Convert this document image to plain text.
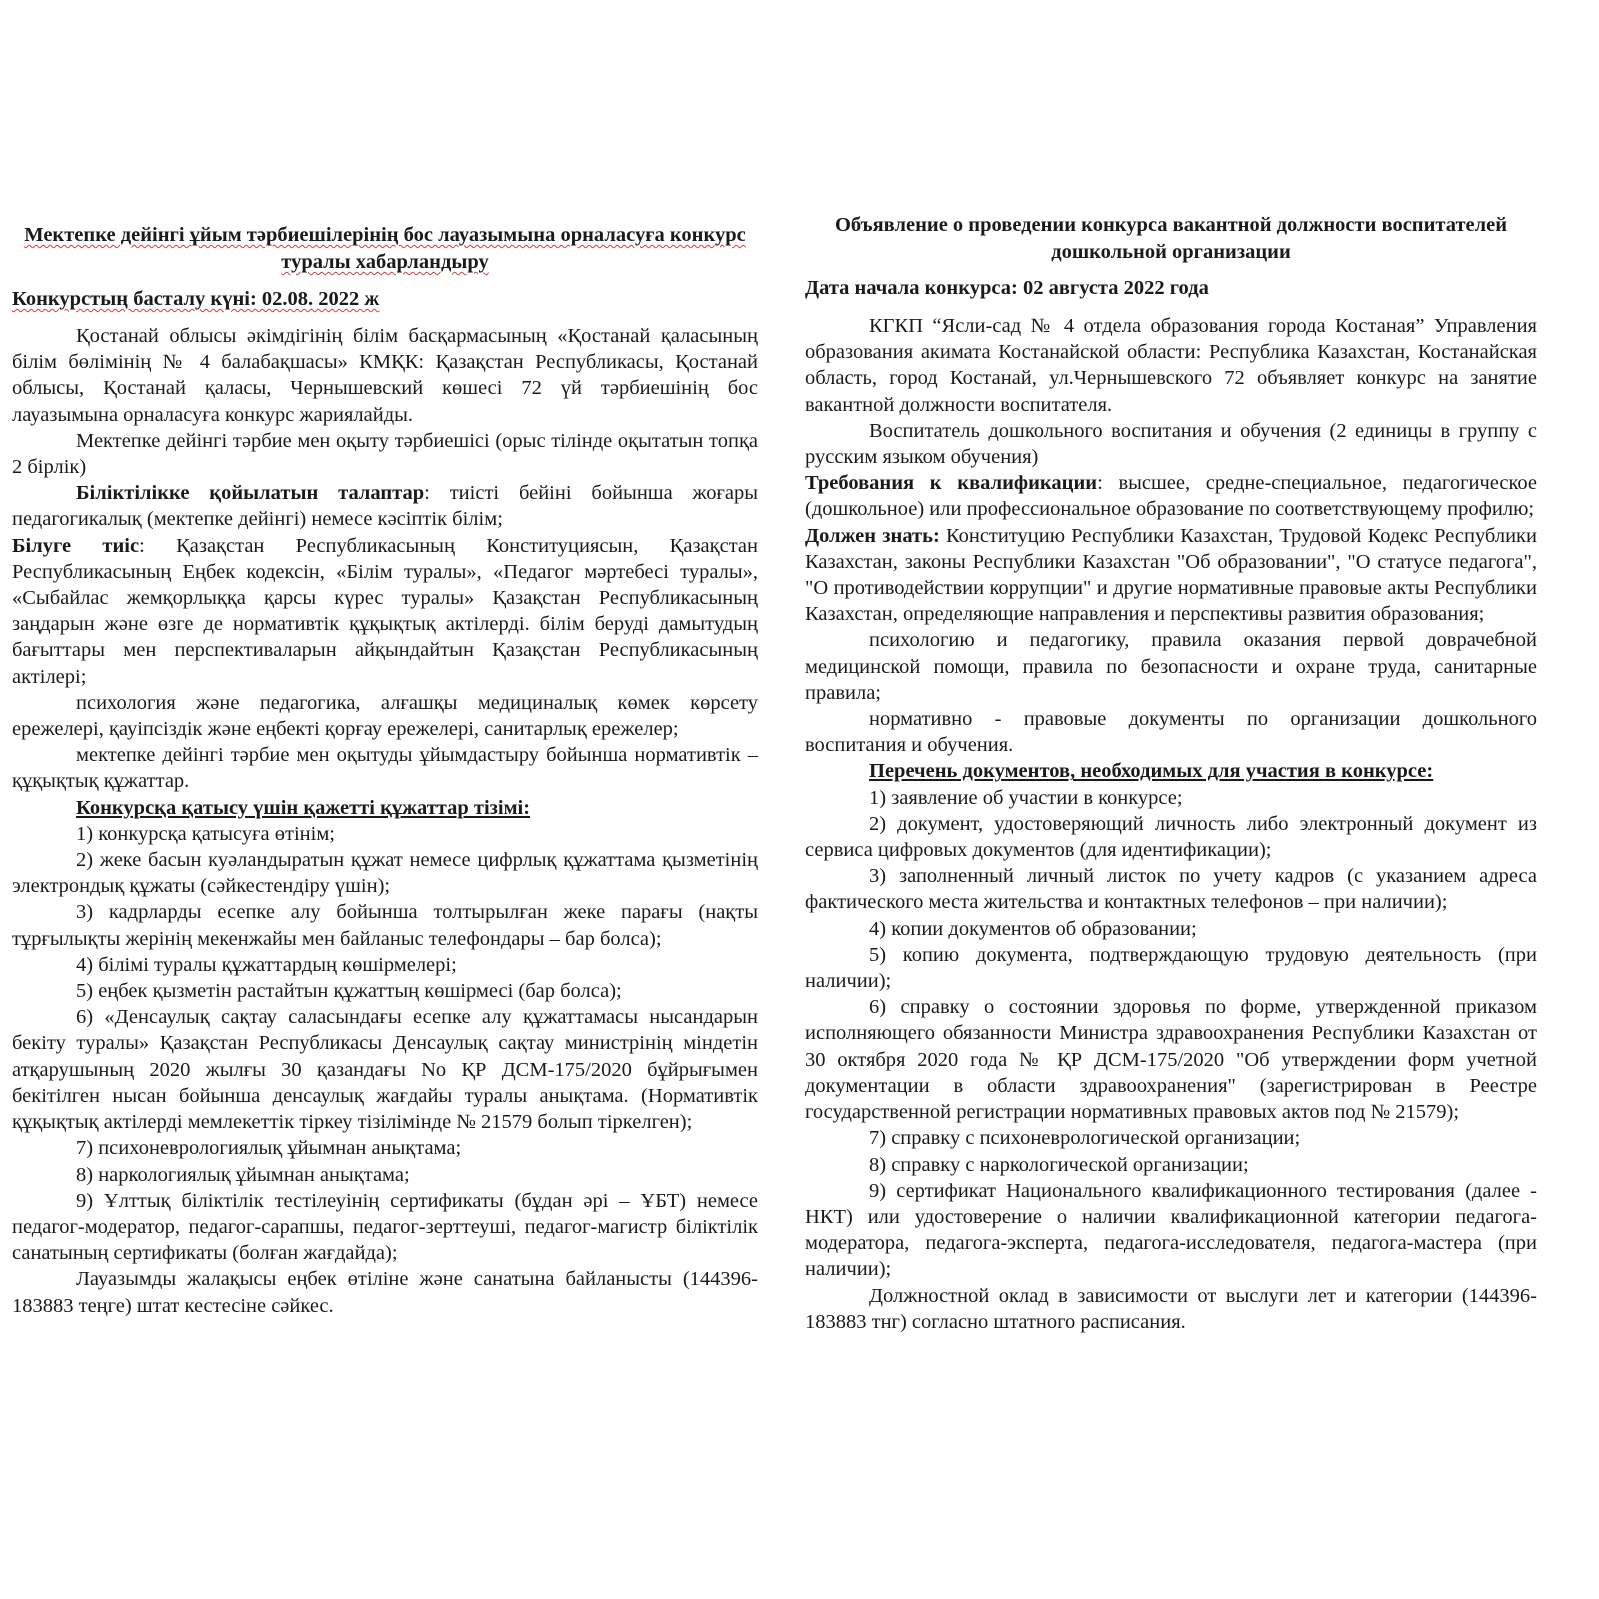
Мектепке дейінгі ұйым тәрбиешілерінің бос лауазымына орналасуға конкурс туралы хабарландыру

Конкурстың басталу күні: 02.08. 2022 ж

Қостанай облысы әкімдігінің білім басқармасының «Қостанай қаласының білім бөлімінің № 4 балабақшасы» КМҚК: Қазақстан Республикасы, Қостанай облысы, Қостанай қаласы, Чернышевский көшесі 72 үй тәрбиешінің бос лауазымына орналасуға конкурс жариялайды.

Мектепке дейінгі тәрбие мен оқыту тәрбиешісі (орыс тілінде оқытатын топқа 2 бірлік)

Біліктілікке қойылатын талаптар: тиісті бейіні бойынша жоғары педагогикалық (мектепке дейінгі) немесе кәсіптік білім;

Білуге тиіс: Қазақстан Республикасының Конституциясын, Қазақстан Республикасының Еңбек кодексін, «Білім туралы», «Педагог мәртебесі туралы», «Сыбайлас жемқорлыққа қарсы күрес туралы» Қазақстан Республикасының заңдарын және өзге де нормативтік құқықтық актілерді. білім беруді дамытудың бағыттары мен перспективаларын айқындайтын Қазақстан Республикасының актілері;

психология және педагогика, алғашқы медициналық көмек көрсету ережелері, қауіпсіздік және еңбекті қорғау ережелері, санитарлық ережелер;

мектепке дейінгі тәрбие мен оқытуды ұйымдастыру бойынша нормативтік – құқықтық құжаттар.

Конкурсқа қатысу үшін қажетті құжаттар тізімі:

1) конкурсқа қатысуға өтінім;

2) жеке басын куәландыратын құжат немесе цифрлық құжаттама қызметінің электрондық құжаты (сәйкестендіру үшін);

3) кадрларды есепке алу бойынша толтырылған жеке парағы (нақты тұрғылықты жерінің мекенжайы мен байланыс телефондары – бар болса);

4) білімі туралы құжаттардың көшірмелері;

5) еңбек қызметін растайтын құжаттың көшірмесі (бар болса);

6) «Денсаулық сақтау саласындағы есепке алу құжаттамасы нысандарын бекіту туралы» Қазақстан Республикасы Денсаулық сақтау министрінің міндетін атқарушының 2020 жылғы 30 қазандағы No ҚР ДСМ-175/2020 бұйрығымен бекітілген нысан бойынша денсаулық жағдайы туралы анықтама. (Нормативтік құқықтық актілерді мемлекеттік тіркеу тізілімінде № 21579 болып тіркелген);

7) психоневрологиялық ұйымнан анықтама;

8) наркологиялық ұйымнан анықтама;

9) Ұлттық біліктілік тестілеуінің сертификаты (бұдан әрі – ҰБТ) немесе педагог-модератор, педагог-сарапшы, педагог-зерттеуші, педагог-магистр біліктілік санатының сертификаты (болған жағдайда);

Лауазымды жалақысы еңбек өтіліне және санатына байланысты (144396-183883 теңге) штат кестесіне сәйкес.

Объявление о проведении конкурса вакантной должности воспитателей дошкольной организации

Дата начала конкурса: 02 августа 2022 года

КГКП “Ясли-сад № 4 отдела образования города Костаная” Управления образования акимата Костанайской области: Республика Казахстан, Костанайская область, город Костанай, ул.Чернышевского 72 объявляет конкурс на занятие вакантной должности воспитателя.

Воспитатель дошкольного воспитания и обучения (2 единицы в группу с русским языком обучения)

Требования к квалификации: высшее, средне-специальное, педагогическое (дошкольное) или профессиональное образование по соответствующему профилю;

Должен знать: Конституцию Республики Казахстан, Трудовой Кодекс Республики Казахстан, законы Республики Казахстан "Об образовании", "О статусе педагога", "О противодействии коррупции" и другие нормативные правовые акты Республики Казахстан, определяющие направления и перспективы развития образования;

психологию и педагогику, правила оказания первой доврачебной медицинской помощи, правила по безопасности и охране труда, санитарные правила;

нормативно - правовые документы по организации дошкольного воспитания и обучения.

Перечень документов, необходимых для участия в конкурсе:

1) заявление об участии в конкурсе;

2) документ, удостоверяющий личность либо электронный документ из сервиса цифровых документов (для идентификации);

3) заполненный личный листок по учету кадров (с указанием адреса фактического места жительства и контактных телефонов – при наличии);

4) копии документов об образовании;

5) копию документа, подтверждающую трудовую деятельность (при наличии);

6) справку о состоянии здоровья по форме, утвержденной приказом исполняющего обязанности Министра здравоохранения Республики Казахстан от 30 октября 2020 года № ҚР ДСМ-175/2020 "Об утверждении форм учетной документации в области здравоохранения" (зарегистрирован в Реестре государственной регистрации нормативных правовых актов под № 21579);

7) справку с психоневрологической организации;

8) справку с наркологической организации;

9) сертификат Национального квалификационного тестирования (далее - НКТ) или удостоверение о наличии квалификационной категории педагога-модератора, педагога-эксперта, педагога-исследователя, педагога-мастера (при наличии);

Должностной оклад в зависимости от выслуги лет и категории (144396-183883 тнг) согласно штатного расписания.
